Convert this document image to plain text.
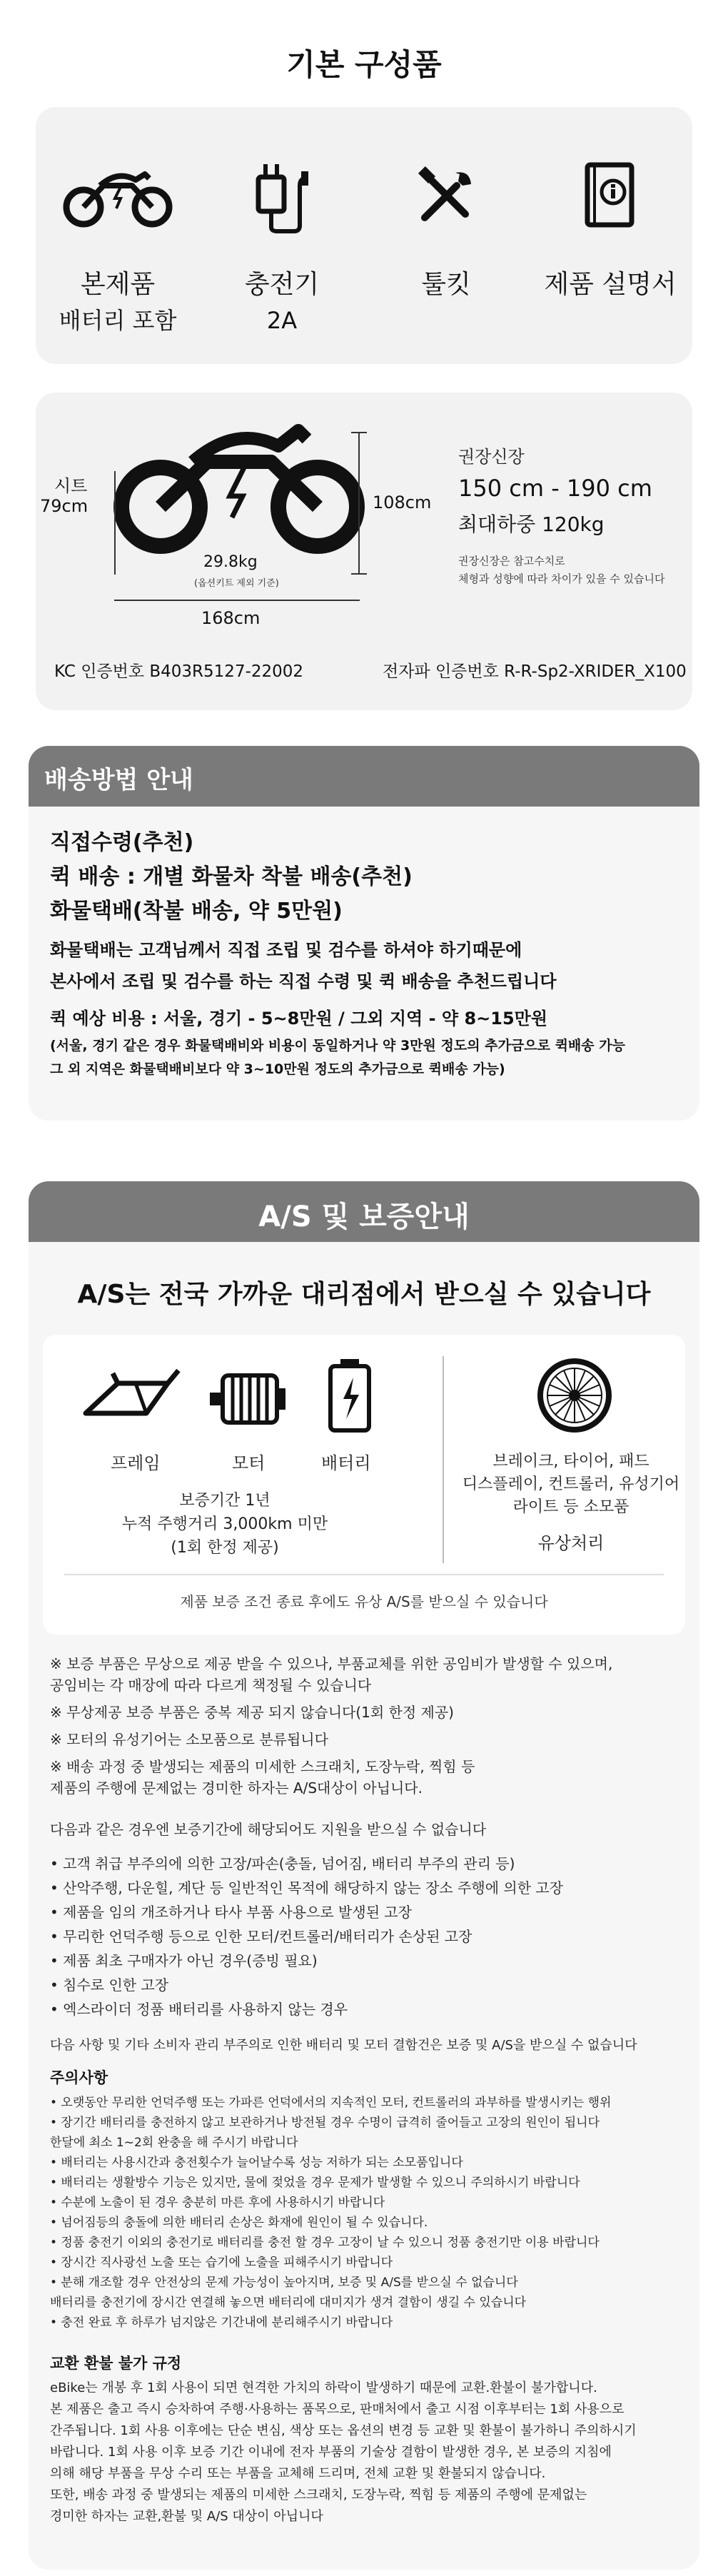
기본 구성품
본제품
배터리 포함
충전기
2A
툴킷	제품 설명서
시트
79cm	108cm
29.8kg
(옵션키트 제외 기준)
168cm
권장신장
150 cm - 190 cm
최대하중 120kg
권장신장은 참고수치로
체형과 성향에 따라 차이가 있을 수 있습니다
KC 인증번호 B403R5127-22002	전자파 인증번호 R-R-Sp2-XRIDER_X100
배송방법 안내
직접수령(추천)
퀵 배송 : 개별 화물차 착불 배송(추천)
화물택배(착불 배송, 약 5만원)
화물택배는 고객님께서 직접 조립 및 검수를 하셔야 하기때문에
본사에서 조립 및 검수를 하는 직접 수령 및 퀵 배송을 추천드립니다
퀵 예상 비용 : 서울, 경기 - 5~8만원 / 그외 지역 - 약 8~15만원
(서울, 경기 같은 경우 화물택배비와 비용이 동일하거나 약 3만원 정도의 추가금으로 퀵배송 가능
그 외 지역은 화물택배비보다 약 3~10만원 정도의 추가금으로 퀵배송 가능)
A/S 및 보증안내
A/S는 전국 가까운 대리점에서 받으실 수 있습니다
프레임	모터	배터리
보증기간 1년
누적 주행거리 3,000km 미만
(1회 한정 제공)
브레이크, 타이어, 패드
디스플레이, 컨트롤러, 유성기어
라이트 등 소모품
유상처리
제품 보증 조건 종료 후에도 유상 A/S를 받으실 수 있습니다
※ 보증 부품은 무상으로 제공 받을 수 있으나, 부품교체를 위한 공임비가 발생할 수 있으며,
공임비는 각 매장에 따라 다르게 책정될 수 있습니다
※ 무상제공 보증 부품은 중복 제공 되지 않습니다(1회 한정 제공)
※ 모터의 유성기어는 소모품으로 분류됩니다
※ 배송 과정 중 발생되는 제품의 미세한 스크래치, 도장누락, 찍힘 등
제품의 주행에 문제없는 경미한 하자는 A/S대상이 아닙니다.
다음과 같은 경우엔 보증기간에 해당되어도 지원을 받으실 수 없습니다
• 고객 취급 부주의에 의한 고장/파손(충돌, 넘어짐, 배터리 부주의 관리 등)
• 산악주행, 다운힐, 계단 등 일반적인 목적에 해당하지 않는 장소 주행에 의한 고장
• 제품을 임의 개조하거나 타사 부품 사용으로 발생된 고장
• 무리한 언덕주행 등으로 인한 모터/컨트롤러/배터리가 손상된 고장
• 제품 최초 구매자가 아닌 경우(증빙 필요)
• 침수로 인한 고장
• 엑스라이더 정품 배터리를 사용하지 않는 경우
다음 사항 및 기타 소비자 관리 부주의로 인한 배터리 및 모터 결함건은 보증 및 A/S을 받으실 수 없습니다
주의사항
• 오랫동안 무리한 언덕주행 또는 가파른 언덕에서의 지속적인 모터, 컨트롤러의 과부하를 발생시키는 행위
• 장기간 배터리를 충전하지 않고 보관하거나 방전될 경우 수명이 급격히 줄어들고 고장의 원인이 됩니다
한달에 최소 1~2회 완충을 해 주시기 바랍니다
• 배터리는 사용시간과 충전횟수가 늘어날수록 성능 저하가 되는 소모품입니다
• 배터리는 생활방수 기능은 있지만, 물에 젖었을 경우 문제가 발생할 수 있으니 주의하시기 바랍니다
• 수분에 노출이 된 경우 충분히 마른 후에 사용하시기 바랍니다
• 넘어짐등의 충돌에 의한 배터리 손상은 화재에 원인이 될 수 있습니다.
• 정품 충전기 이외의 충전기로 배터리를 충전 할 경우 고장이 날 수 있으니 정품 충전기만 이용 바랍니다
• 장시간 직사광선 노출 또는 습기에 노출을 피해주시기 바랍니다
• 분해 개조할 경우 안전상의 문제 가능성이 높아지며, 보증 및 A/S를 받으실 수 없습니다
배터리를 충전기에 장시간 연결해 놓으면 배터리에 대미지가 생겨 결함이 생길 수 있습니다
• 충전 완료 후 하루가 넘지않은 기간내에 분리해주시기 바랍니다
교환 환불 불가 규정
eBike는 개봉 후 1회 사용이 되면 현격한 가치의 하락이 발생하기 때문에 교환.환불이 불가합니다.
본 제품은 출고 즉시 승차하여 주행·사용하는 품목으로, 판매처에서 출고 시점 이후부터는 1회 사용으로
간주됩니다. 1회 사용 이후에는 단순 변심, 색상 또는 옵션의 변경 등 교환 및 환불이 불가하니 주의하시기
바랍니다. 1회 사용 이후 보증 기간 이내에 전자 부품의 기술상 결함이 발생한 경우, 본 보증의 지침에
의해 해당 부품을 무상 수리 또는 부품을 교체해 드리며, 전체 교환 및 환불되지 않습니다.
또한, 배송 과정 중 발생되는 제품의 미세한 스크래치, 도장누락, 찍힘 등 제품의 주행에 문제없는
경미한 하자는 교환,환불 및 A/S 대상이 아닙니다
